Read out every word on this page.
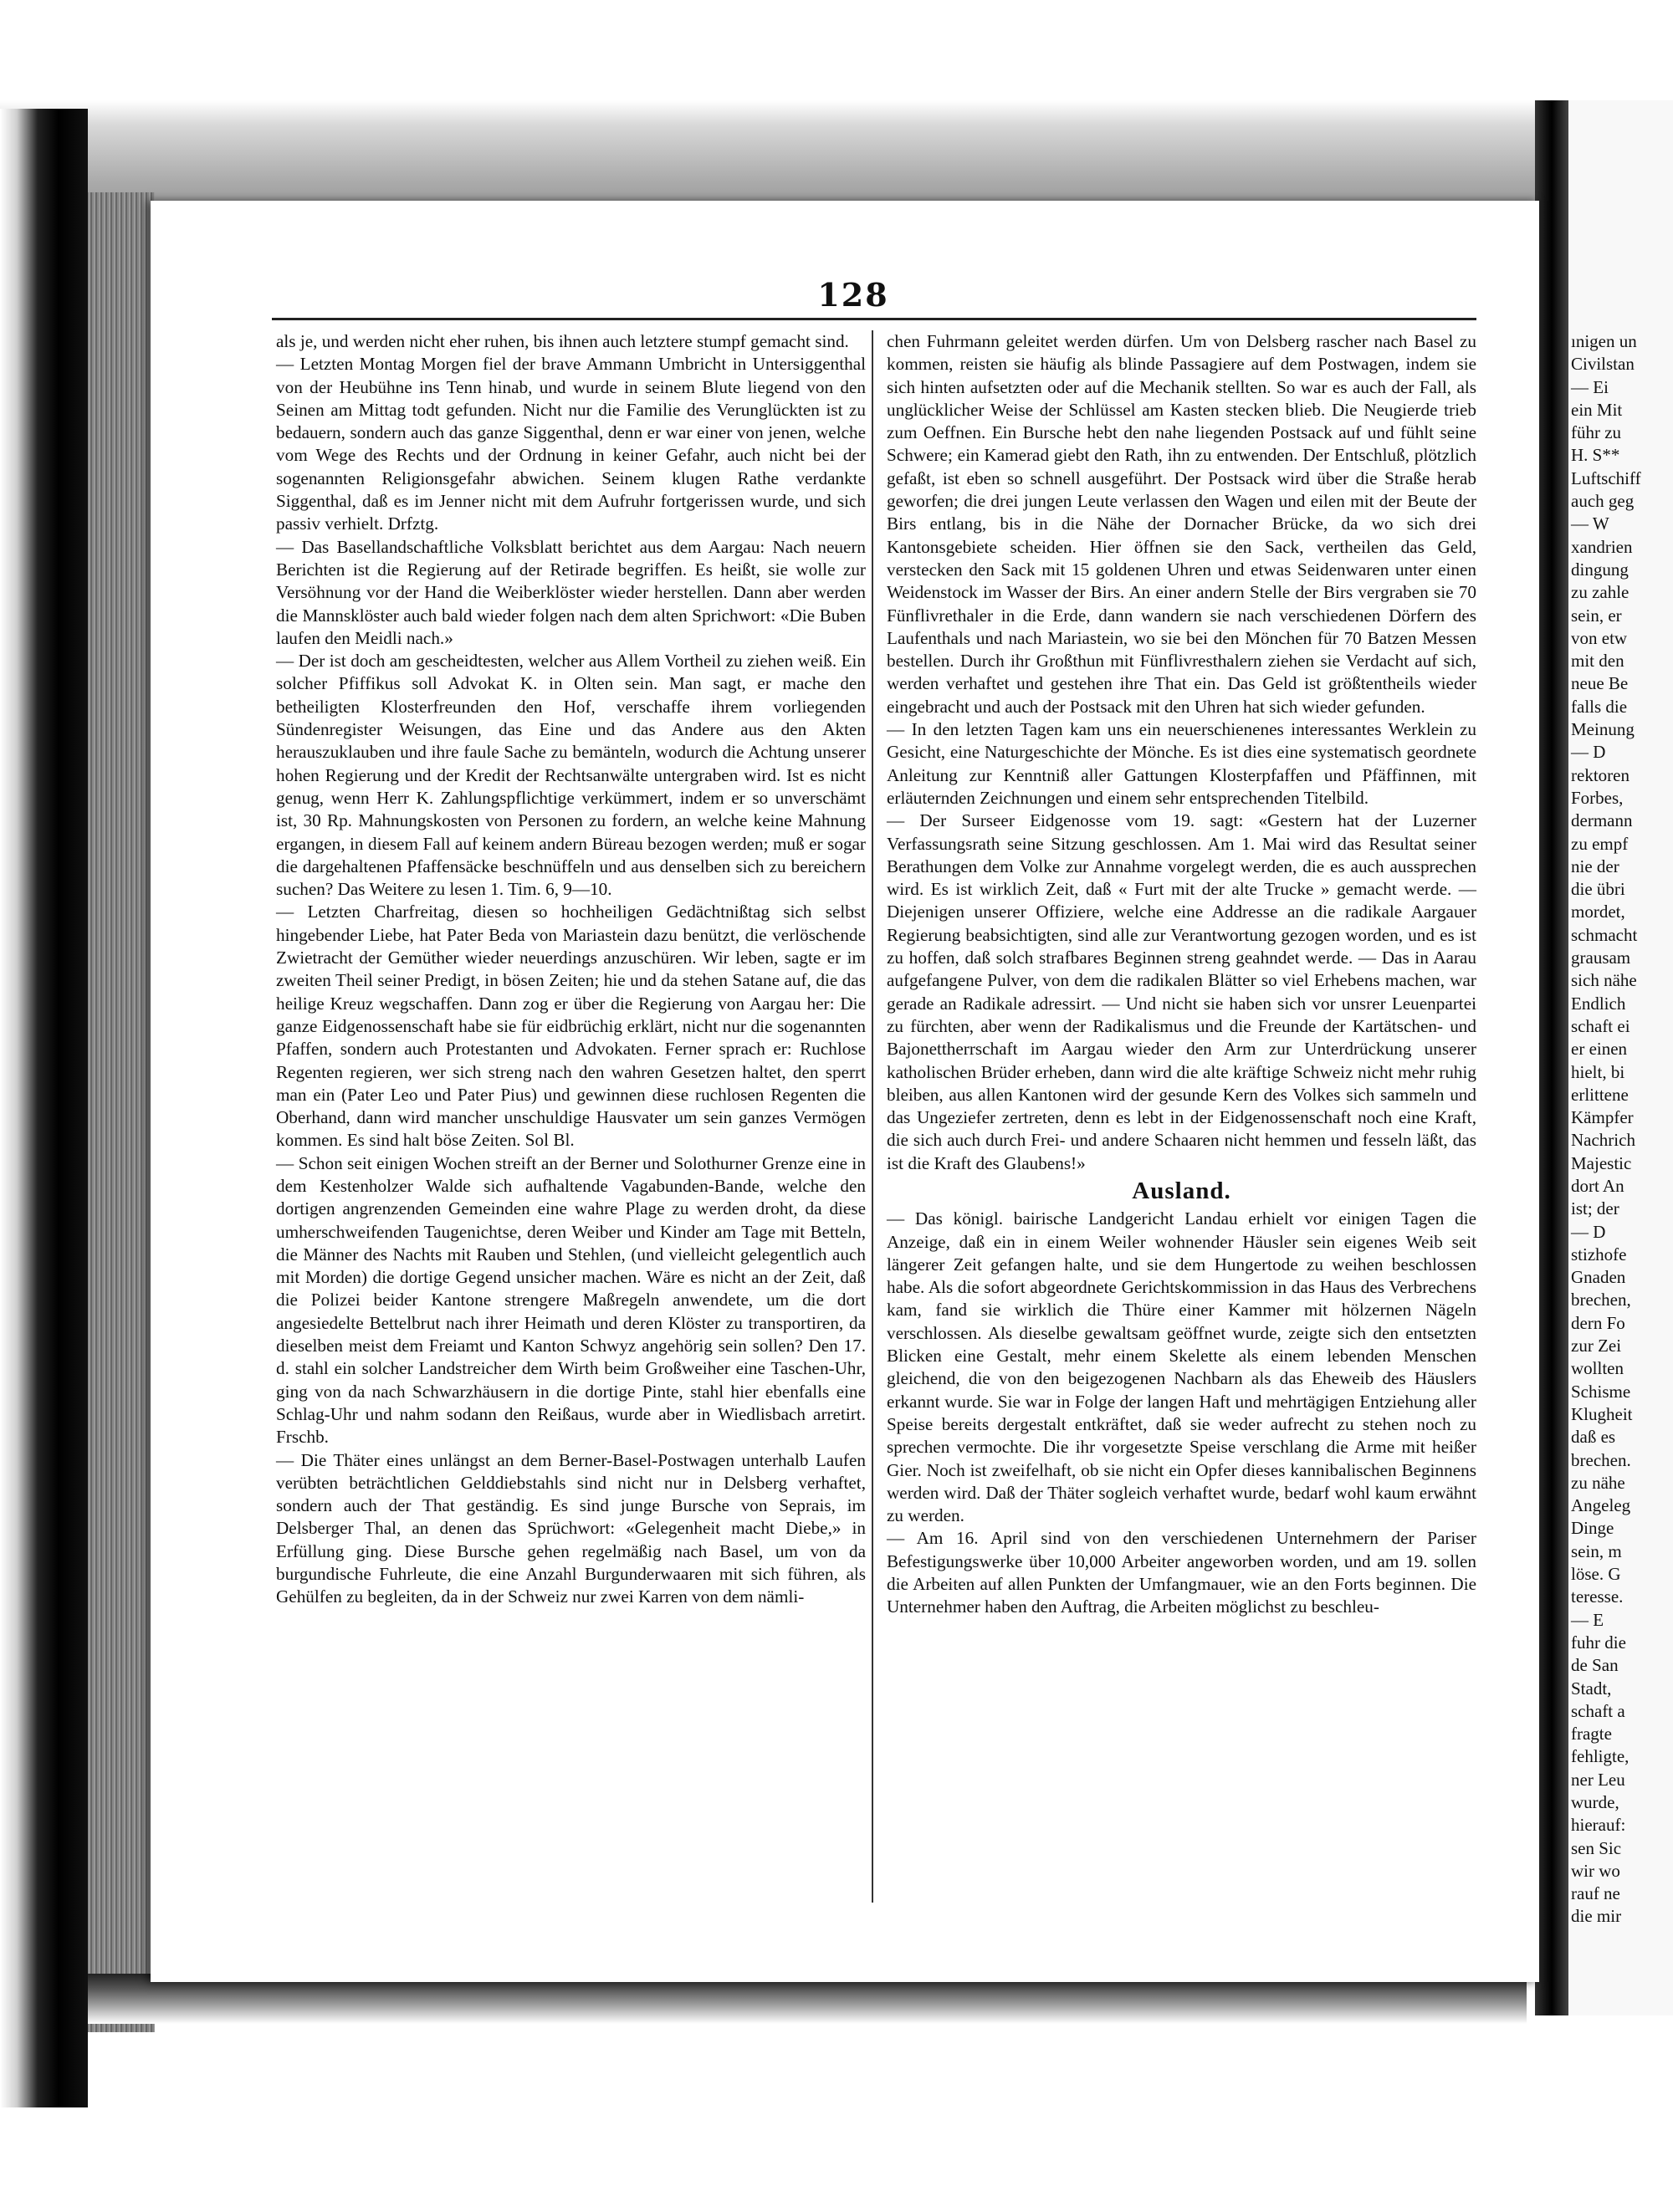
128

als je, und werden nicht eher ruhen, bis ihnen auch letztere stumpf gemacht sind.

— Letzten Montag Morgen fiel der brave Ammann Umbricht in Untersiggenthal von der Heubühne ins Tenn hinab, und wurde in seinem Blute liegend von den Seinen am Mittag todt gefunden. Nicht nur die Familie des Verunglückten ist zu bedauern, sondern auch das ganze Siggenthal, denn er war einer von jenen, welche vom Wege des Rechts und der Ordnung in keiner Gefahr, auch nicht bei der sogenannten Religionsgefahr abwichen. Seinem klugen Rathe verdankte Siggenthal, daß es im Jenner nicht mit dem Aufruhr fortgerissen wurde, und sich passiv verhielt. Drfztg.

— Das Basellandschaftliche Volksblatt berichtet aus dem Aargau: Nach neuern Berichten ist die Regierung auf der Retirade begriffen. Es heißt, sie wolle zur Versöhnung vor der Hand die Weiberklöster wieder herstellen. Dann aber werden die Mannsklöster auch bald wieder folgen nach dem alten Sprichwort: «Die Buben laufen den Meidli nach.»

— Der ist doch am gescheidtesten, welcher aus Allem Vortheil zu ziehen weiß. Ein solcher Pfiffikus soll Advokat K. in Olten sein. Man sagt, er mache den betheiligten Klosterfreunden den Hof, verschaffe ihrem vorliegenden Sündenregister Weisungen, das Eine und das Andere aus den Akten herauszuklauben und ihre faule Sache zu bemänteln, wodurch die Achtung unserer hohen Regierung und der Kredit der Rechtsanwälte untergraben wird. Ist es nicht genug, wenn Herr K. Zahlungspflichtige verkümmert, indem er so unverschämt ist, 30 Rp. Mahnungskosten von Personen zu fordern, an welche keine Mahnung ergangen, in diesem Fall auf keinem andern Büreau bezogen werden; muß er sogar die dargehaltenen Pfaffensäcke beschnüffeln und aus denselben sich zu bereichern suchen? Das Weitere zu lesen 1. Tim. 6, 9—10.

— Letzten Charfreitag, diesen so hochheiligen Gedächtnißtag sich selbst hingebender Liebe, hat Pater Beda von Mariastein dazu benützt, die verlöschende Zwietracht der Gemüther wieder neuerdings anzuschüren. Wir leben, sagte er im zweiten Theil seiner Predigt, in bösen Zeiten; hie und da stehen Satane auf, die das heilige Kreuz wegschaffen. Dann zog er über die Regierung von Aargau her: Die ganze Eidgenossenschaft habe sie für eidbrüchig erklärt, nicht nur die sogenannten Pfaffen, sondern auch Protestanten und Advokaten. Ferner sprach er: Ruchlose Regenten regieren, wer sich streng nach den wahren Gesetzen haltet, den sperrt man ein (Pater Leo und Pater Pius) und gewinnen diese ruchlosen Regenten die Oberhand, dann wird mancher unschuldige Hausvater um sein ganzes Vermögen kommen. Es sind halt böse Zeiten. Sol Bl.

— Schon seit einigen Wochen streift an der Berner und Solothurner Grenze eine in dem Kestenholzer Walde sich aufhaltende Vagabunden-Bande, welche den dortigen angrenzenden Gemeinden eine wahre Plage zu werden droht, da diese umherschweifenden Taugenichtse, deren Weiber und Kinder am Tage mit Betteln, die Männer des Nachts mit Rauben und Stehlen, (und vielleicht gelegentlich auch mit Morden) die dortige Gegend unsicher machen. Wäre es nicht an der Zeit, daß die Polizei beider Kantone strengere Maßregeln anwendete, um die dort angesiedelte Bettelbrut nach ihrer Heimath und deren Klöster zu transportiren, da dieselben meist dem Freiamt und Kanton Schwyz angehörig sein sollen? Den 17. d. stahl ein solcher Landstreicher dem Wirth beim Großweiher eine Taschen-Uhr, ging von da nach Schwarzhäusern in die dortige Pinte, stahl hier ebenfalls eine Schlag-Uhr und nahm sodann den Reißaus, wurde aber in Wiedlisbach arretirt. Frschb.

— Die Thäter eines unlängst an dem Berner-Basel-Postwagen unterhalb Laufen verübten beträchtlichen Gelddiebstahls sind nicht nur in Delsberg verhaftet, sondern auch der That geständig. Es sind junge Bursche von Seprais, im Delsberger Thal, an denen das Sprüchwort: «Gelegenheit macht Diebe,» in Erfüllung ging. Diese Bursche gehen regelmäßig nach Basel, um von da burgundische Fuhrleute, die eine Anzahl Burgunderwaaren mit sich führen, als Gehülfen zu begleiten, da in der Schweiz nur zwei Karren von dem nämli-

chen Fuhrmann geleitet werden dürfen. Um von Delsberg rascher nach Basel zu kommen, reisten sie häufig als blinde Passagiere auf dem Postwagen, indem sie sich hinten aufsetzten oder auf die Mechanik stellten. So war es auch der Fall, als unglücklicher Weise der Schlüssel am Kasten stecken blieb. Die Neugierde trieb zum Oeffnen. Ein Bursche hebt den nahe liegenden Postsack auf und fühlt seine Schwere; ein Kamerad giebt den Rath, ihn zu entwenden. Der Entschluß, plötzlich gefaßt, ist eben so schnell ausgeführt. Der Postsack wird über die Straße herab geworfen; die drei jungen Leute verlassen den Wagen und eilen mit der Beute der Birs entlang, bis in die Nähe der Dornacher Brücke, da wo sich drei Kantonsgebiete scheiden. Hier öffnen sie den Sack, vertheilen das Geld, verstecken den Sack mit 15 goldenen Uhren und etwas Seidenwaren unter einen Weidenstock im Wasser der Birs. An einer andern Stelle der Birs vergraben sie 70 Fünflivrethaler in die Erde, dann wandern sie nach verschiedenen Dörfern des Laufenthals und nach Mariastein, wo sie bei den Mönchen für 70 Batzen Messen bestellen. Durch ihr Großthun mit Fünflivresthalern ziehen sie Verdacht auf sich, werden verhaftet und gestehen ihre That ein. Das Geld ist größtentheils wieder eingebracht und auch der Postsack mit den Uhren hat sich wieder gefunden.

— In den letzten Tagen kam uns ein neuerschienenes interessantes Werklein zu Gesicht, eine Naturgeschichte der Mönche. Es ist dies eine systematisch geordnete Anleitung zur Kenntniß aller Gattungen Klosterpfaffen und Pfäffinnen, mit erläuternden Zeichnungen und einem sehr entsprechenden Titelbild.

— Der Surseer Eidgenosse vom 19. sagt: «Gestern hat der Luzerner Verfassungsrath seine Sitzung geschlossen. Am 1. Mai wird das Resultat seiner Berathungen dem Volke zur Annahme vorgelegt werden, die es auch aussprechen wird. Es ist wirklich Zeit, daß « Furt mit der alte Trucke » gemacht werde. — Diejenigen unserer Offiziere, welche eine Addresse an die radikale Aargauer Regierung beabsichtigten, sind alle zur Verantwortung gezogen worden, und es ist zu hoffen, daß solch strafbares Beginnen streng geahndet werde. — Das in Aarau aufgefangene Pulver, von dem die radikalen Blätter so viel Erhebens machen, war gerade an Radikale adressirt. — Und nicht sie haben sich vor unsrer Leuenpartei zu fürchten, aber wenn der Radikalismus und die Freunde der Kartätschen- und Bajonettherrschaft im Aargau wieder den Arm zur Unterdrückung unserer katholischen Brüder erheben, dann wird die alte kräftige Schweiz nicht mehr ruhig bleiben, aus allen Kantonen wird der gesunde Kern des Volkes sich sammeln und das Ungeziefer zertreten, denn es lebt in der Eidgenossenschaft noch eine Kraft, die sich auch durch Frei- und andere Schaaren nicht hemmen und fesseln läßt, das ist die Kraft des Glaubens!»

Ausland.

— Das königl. bairische Landgericht Landau erhielt vor einigen Tagen die Anzeige, daß ein in einem Weiler wohnender Häusler sein eigenes Weib seit längerer Zeit gefangen halte, und sie dem Hungertode zu weihen beschlossen habe. Als die sofort abgeordnete Gerichtskommission in das Haus des Verbrechens kam, fand sie wirklich die Thüre einer Kammer mit hölzernen Nägeln verschlossen. Als dieselbe gewaltsam geöffnet wurde, zeigte sich den entsetzten Blicken eine Gestalt, mehr einem Skelette als einem lebenden Menschen gleichend, die von den beigezogenen Nachbarn als das Eheweib des Häuslers erkannt wurde. Sie war in Folge der langen Haft und mehrtägigen Entziehung aller Speise bereits dergestalt entkräftet, daß sie weder aufrecht zu stehen noch zu sprechen vermochte. Die ihr vorgesetzte Speise verschlang die Arme mit heißer Gier. Noch ist zweifelhaft, ob sie nicht ein Opfer dieses kannibalischen Beginnens werden wird. Daß der Thäter sogleich verhaftet wurde, bedarf wohl kaum erwähnt zu werden.

— Am 16. April sind von den verschiedenen Unternehmern der Pariser Befestigungswerke über 10,000 Arbeiter angeworben worden, und am 19. sollen die Arbeiten auf allen Punkten der Umfangmauer, wie an den Forts beginnen. Die Unternehmer haben den Auftrag, die Arbeiten möglichst zu beschleu-

ınigen un
Civilstan
— Ei
ein Mit
führ zu
H. S**
Luftschiff
auch geg
— W
xandrien
dingung
zu zahle
sein, er
von etw
mit den
neue Be
falls die
Meinung
— D
rektoren
Forbes,
dermann
zu empf
nie der
die übri
mordet,
schmacht
grausam
sich nähe
Endlich
schaft ei
er einen
hielt, bi
erlittene
Kämpfer
Nachrich
Majestic
dort An
ist; der
— D
stizhofe
Gnaden
brechen,
dern Fo
zur Zei
wollten
Schisme
Klugheit
daß es
brechen.
zu nähe
Angeleg
Dinge
sein, m
löse. G
teresse.
— E
fuhr die
de San
Stadt,
schaft a
fragte
fehligte,
ner Leu
wurde,
hierauf:
sen Sic
wir wo
rauf ne
die mir
